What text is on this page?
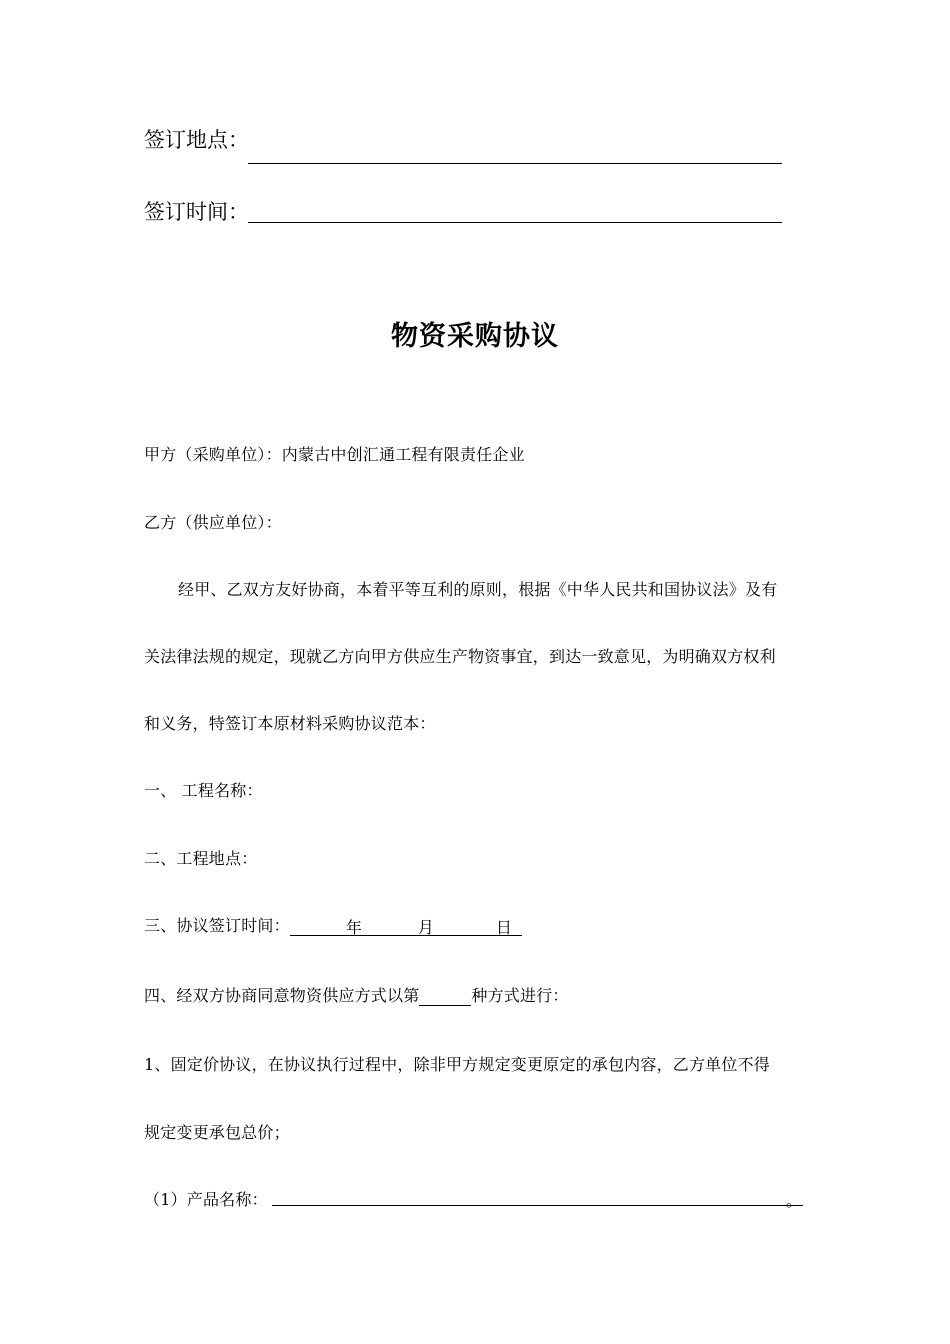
签订地点：
签订时间：
物资采购协议
甲方（采购单位）：内蒙古中创汇通工程有限责任企业
乙方（供应单位）：
经甲、乙双方友好协商，本着平等互利的原则，根据《中华人民共和国协议法》及有
关法律法规的规定，现就乙方向甲方供应生产物资事宜，到达一致意见，为明确双方权利
和义务，特签订本原材料采购协议范本：
一、 工程名称：
二、工程地点：
三、协议签订时间：	年	月	日
四、经双方协商同意物资供应方式以第	种方式进行：
1、固定价协议，在协议执行过程中，除非甲方规定变更原定的承包内容，乙方单位不得
规定变更承包总价；
（1）产品名称：	。
